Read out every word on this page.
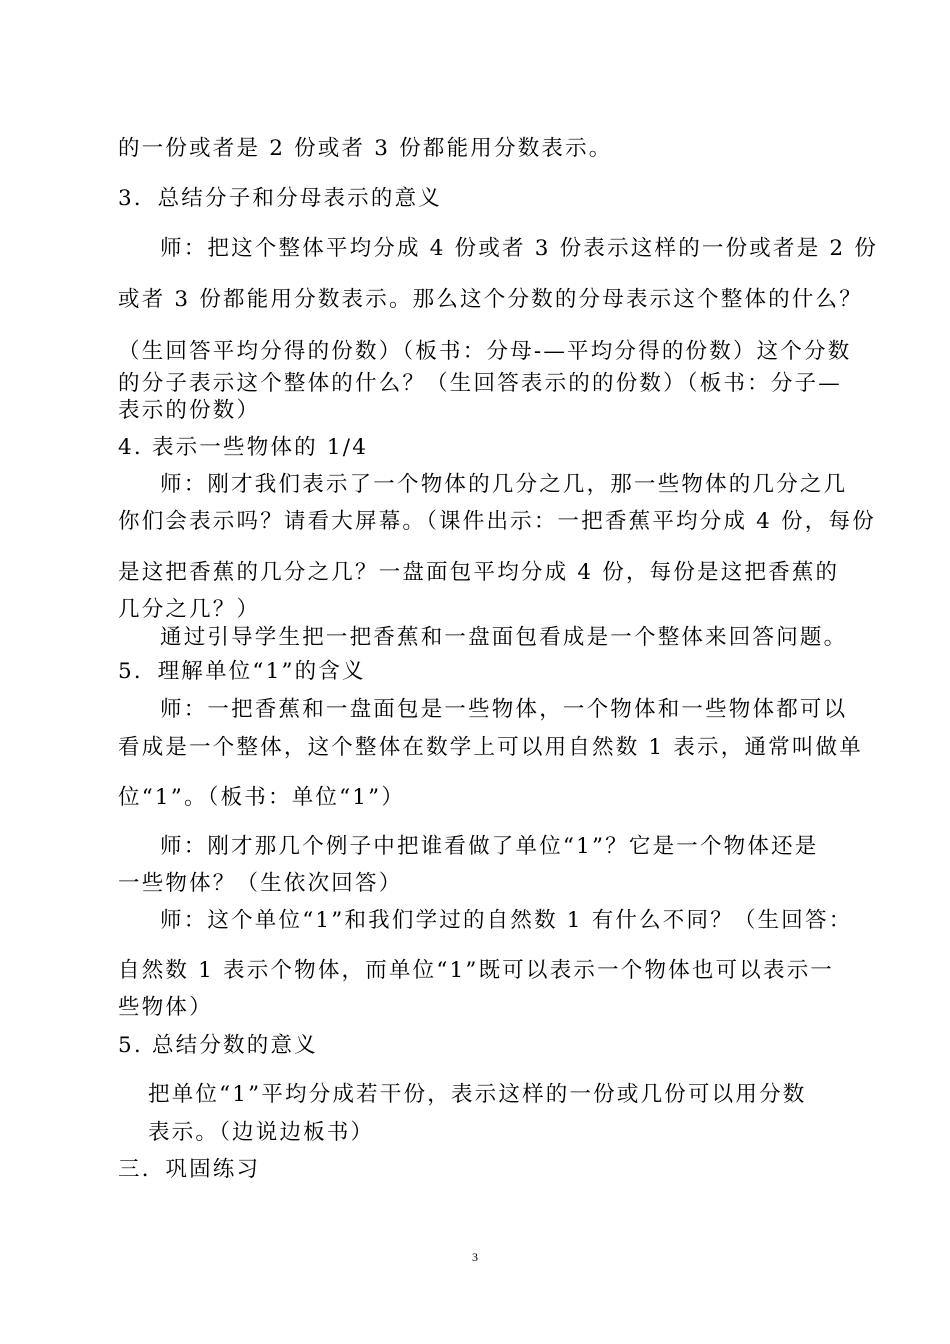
的一份或者是 2 份或者 3 份都能用分数表示。
3．总结分子和分母表示的意义
师：把这个整体平均分成 4 份或者 3 份表示这样的一份或者是 2 份
或者 3 份都能用分数表示。那么这个分数的分母表示这个整体的什么？
（生回答平均分得的份数）（板书：分母-—平均分得的份数）这个分数
的分子表示这个整体的什么？（生回答表示的的份数）（板书：分子—
表示的份数）
4. 表示一些物体的 1/4
师：刚才我们表示了一个物体的几分之几，那一些物体的几分之几
你们会表示吗？请看大屏幕。（课件出示：一把香蕉平均分成 4 份，每份
是这把香蕉的几分之几？一盘面包平均分成 4 份，每份是这把香蕉的
几分之几？）
通过引导学生把一把香蕉和一盘面包看成是一个整体来回答问题。
5．理解单位“1”的含义
师：一把香蕉和一盘面包是一些物体，一个物体和一些物体都可以
看成是一个整体，这个整体在数学上可以用自然数 1 表示，通常叫做单
位“1”。（板书：单位“1”）
师：刚才那几个例子中把谁看做了单位“1”？它是一个物体还是
一些物体？（生依次回答）
师：这个单位“1”和我们学过的自然数 1 有什么不同？（生回答：
自然数 1 表示个物体，而单位“1”既可以表示一个物体也可以表示一
些物体）
5. 总结分数的意义
把单位“1”平均分成若干份，表示这样的一份或几份可以用分数
表示。（边说边板书）
三．巩固练习
3
